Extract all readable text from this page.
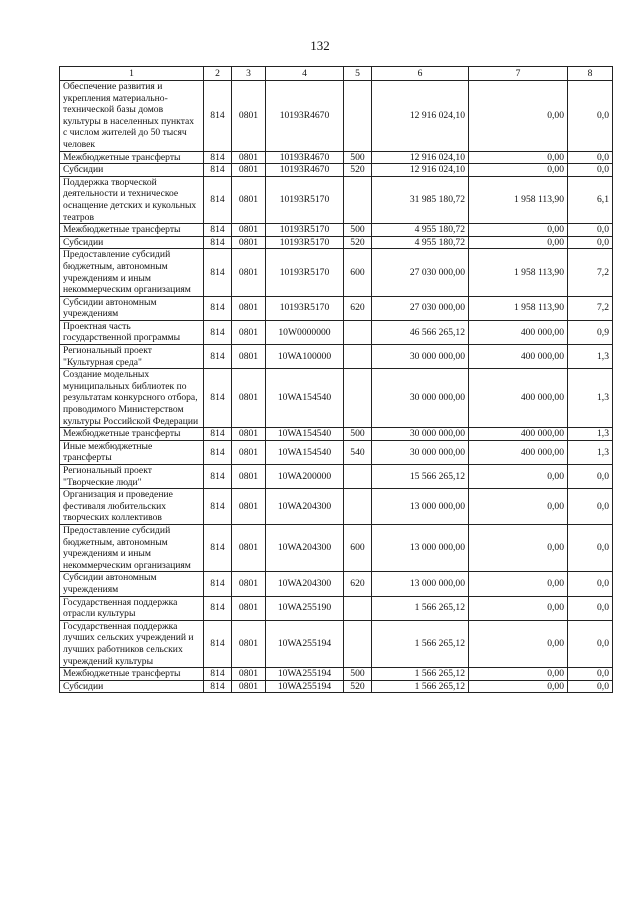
132
1	2	3	4	5	6	7	8
Обеспечение развития и укрепления материально-технической базы домов культуры в населенных пунктах с числом жителей до 50 тысяч человек	814	0801	10193R4670		12 916 024,10	0,00	0,0
Межбюджетные трансферты	814	0801	10193R4670	500	12 916 024,10	0,00	0,0
Субсидии	814	0801	10193R4670	520	12 916 024,10	0,00	0,0
Поддержка творческой деятельности и техническое оснащение детских и кукольных театров	814	0801	10193R5170		31 985 180,72	1 958 113,90	6,1
Межбюджетные трансферты	814	0801	10193R5170	500	4 955 180,72	0,00	0,0
Субсидии	814	0801	10193R5170	520	4 955 180,72	0,00	0,0
Предоставление субсидий бюджетным, автономным учреждениям и иным некоммерческим организациям	814	0801	10193R5170	600	27 030 000,00	1 958 113,90	7,2
Субсидии автономным учреждениям	814	0801	10193R5170	620	27 030 000,00	1 958 113,90	7,2
Проектная часть государственной программы	814	0801	10W0000000		46 566 265,12	400 000,00	0,9
Региональный проект "Культурная среда"	814	0801	10WA100000		30 000 000,00	400 000,00	1,3
Создание модельных муниципальных библиотек по результатам конкурсного отбора, проводимого Министерством культуры Российской Федерации	814	0801	10WA154540		30 000 000,00	400 000,00	1,3
Межбюджетные трансферты	814	0801	10WA154540	500	30 000 000,00	400 000,00	1,3
Иные межбюджетные трансферты	814	0801	10WA154540	540	30 000 000,00	400 000,00	1,3
Региональный проект "Творческие люди"	814	0801	10WA200000		15 566 265,12	0,00	0,0
Организация и проведение фестиваля любительских творческих коллективов	814	0801	10WA204300		13 000 000,00	0,00	0,0
Предоставление субсидий бюджетным, автономным учреждениям и иным некоммерческим организациям	814	0801	10WA204300	600	13 000 000,00	0,00	0,0
Субсидии автономным учреждениям	814	0801	10WA204300	620	13 000 000,00	0,00	0,0
Государственная поддержка отрасли культуры	814	0801	10WA255190		1 566 265,12	0,00	0,0
Государственная поддержка лучших сельских учреждений и лучших работников сельских учреждений культуры	814	0801	10WA255194		1 566 265,12	0,00	0,0
Межбюджетные трансферты	814	0801	10WA255194	500	1 566 265,12	0,00	0,0
Субсидии	814	0801	10WA255194	520	1 566 265,12	0,00	0,0
